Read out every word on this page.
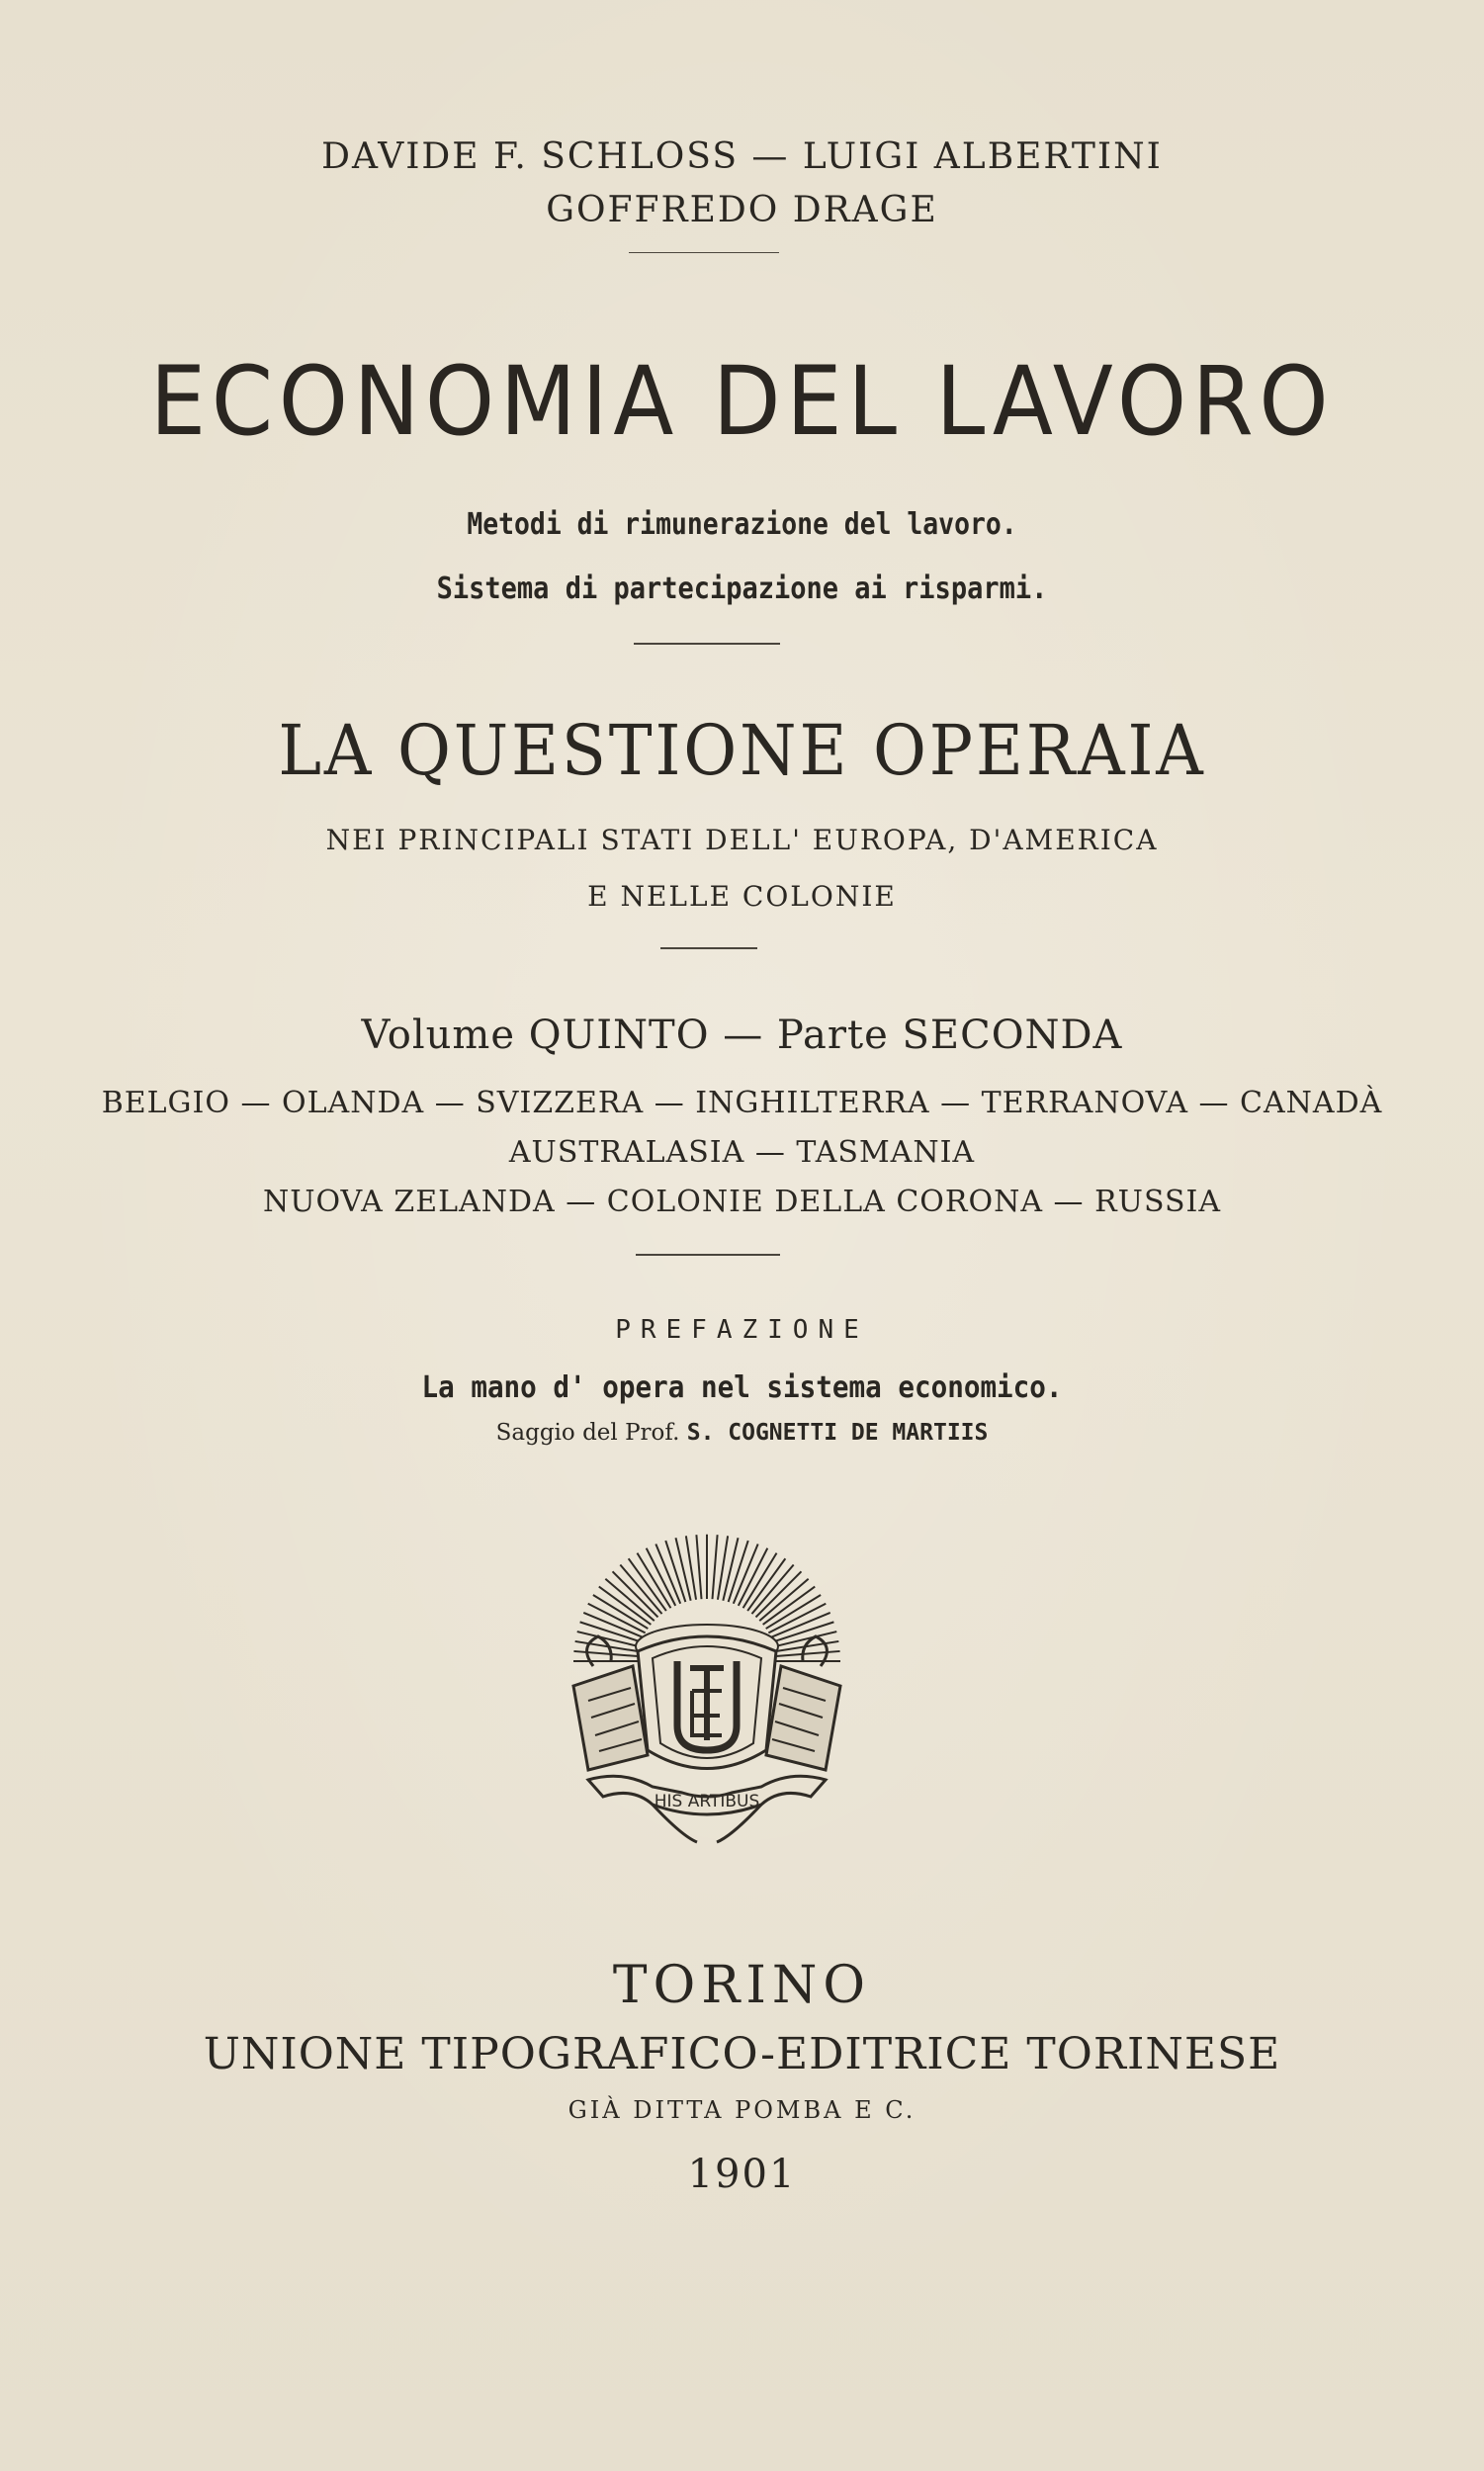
DAVIDE F. SCHLOSS — LUIGI ALBERTINI
GOFFREDO DRAGE
ECONOMIA DEL LAVORO
Metodi di rimunerazione del lavoro.
Sistema di partecipazione ai risparmi.
LA QUESTIONE OPERAIA
NEI PRINCIPALI STATI DELL' EUROPA, D'AMERICA
E NELLE COLONIE
Volume QUINTO — Parte SECONDA
BELGIO — OLANDA — SVIZZERA — INGHILTERRA — TERRANOVA — CANADÀ
AUSTRALASIA — TASMANIA
NUOVA ZELANDA — COLONIE DELLA CORONA — RUSSIA
PREFAZIONE
La mano d' opera nel sistema economico.
Saggio del Prof. S. COGNETTI DE MARTIIS
HIS ARTIBUS
TORINO
UNIONE TIPOGRAFICO-EDITRICE TORINESE
GIÀ DITTA POMBA E C.
1901
